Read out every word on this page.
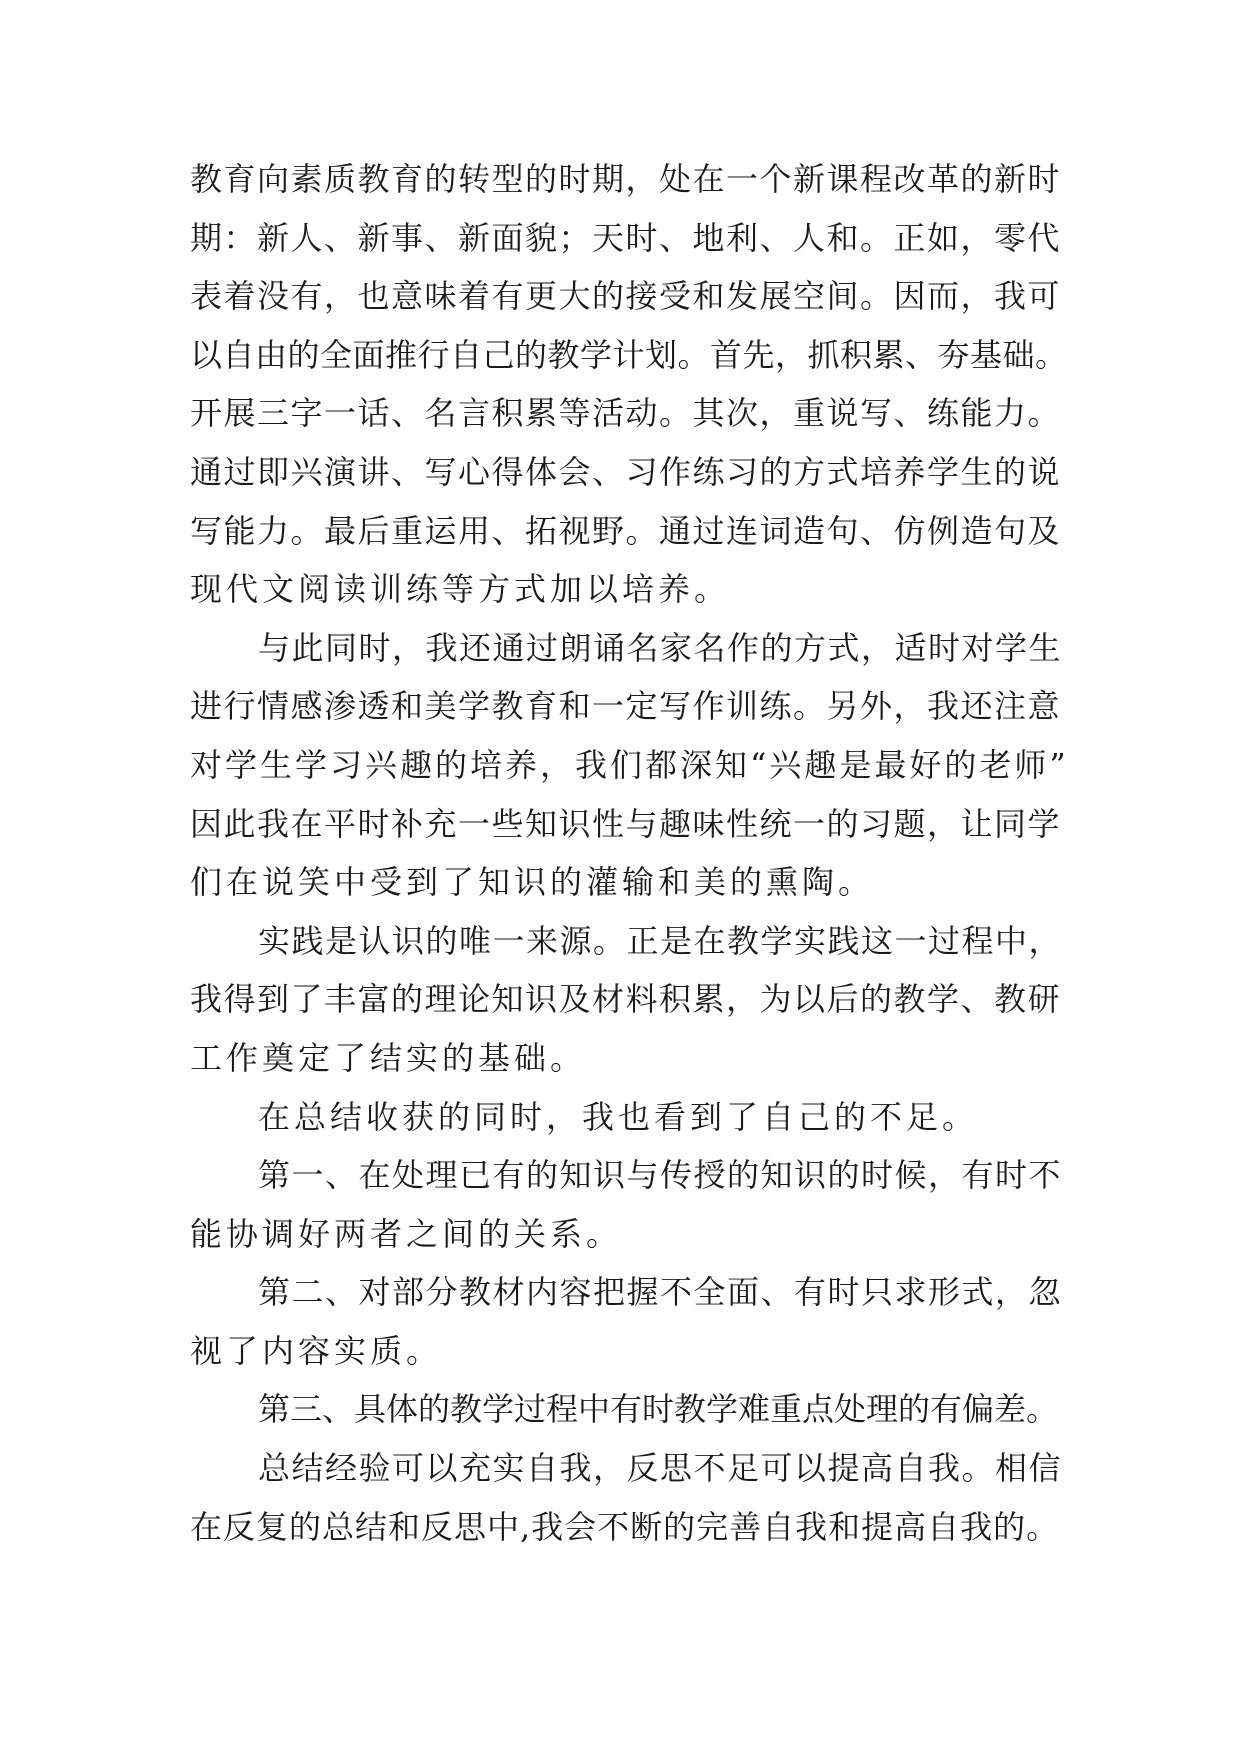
教育向素质教育的转型的时期，处在一个新课程改革的新时
期：新人、新事、新面貌；天时、地利、人和。正如，零代
表着没有，也意味着有更大的接受和发展空间。因而，我可
以自由的全面推行自己的教学计划。首先，抓积累、夯基础。
开展三字一话、名言积累等活动。其次，重说写、练能力。
通过即兴演讲、写心得体会、习作练习的方式培养学生的说
写能力。最后重运用、拓视野。通过连词造句、仿例造句及
现代文阅读训练等方式加以培养。
与此同时，我还通过朗诵名家名作的方式，适时对学生
进行情感渗透和美学教育和一定写作训练。另外，我还注意
对学生学习兴趣的培养，我们都深知“兴趣是最好的老师”
因此我在平时补充一些知识性与趣味性统一的习题，让同学
们在说笑中受到了知识的灌输和美的熏陶。
实践是认识的唯一来源。正是在教学实践这一过程中，
我得到了丰富的理论知识及材料积累，为以后的教学、教研
工作奠定了结实的基础。
在总结收获的同时，我也看到了自己的不足。
第一、在处理已有的知识与传授的知识的时候，有时不
能协调好两者之间的关系。
第二、对部分教材内容把握不全面、有时只求形式，忽
视了内容实质。
第三、具体的教学过程中有时教学难重点处理的有偏差。
总结经验可以充实自我，反思不足可以提高自我。相信
在反复的总结和反思中,我会不断的完善自我和提高自我的。
